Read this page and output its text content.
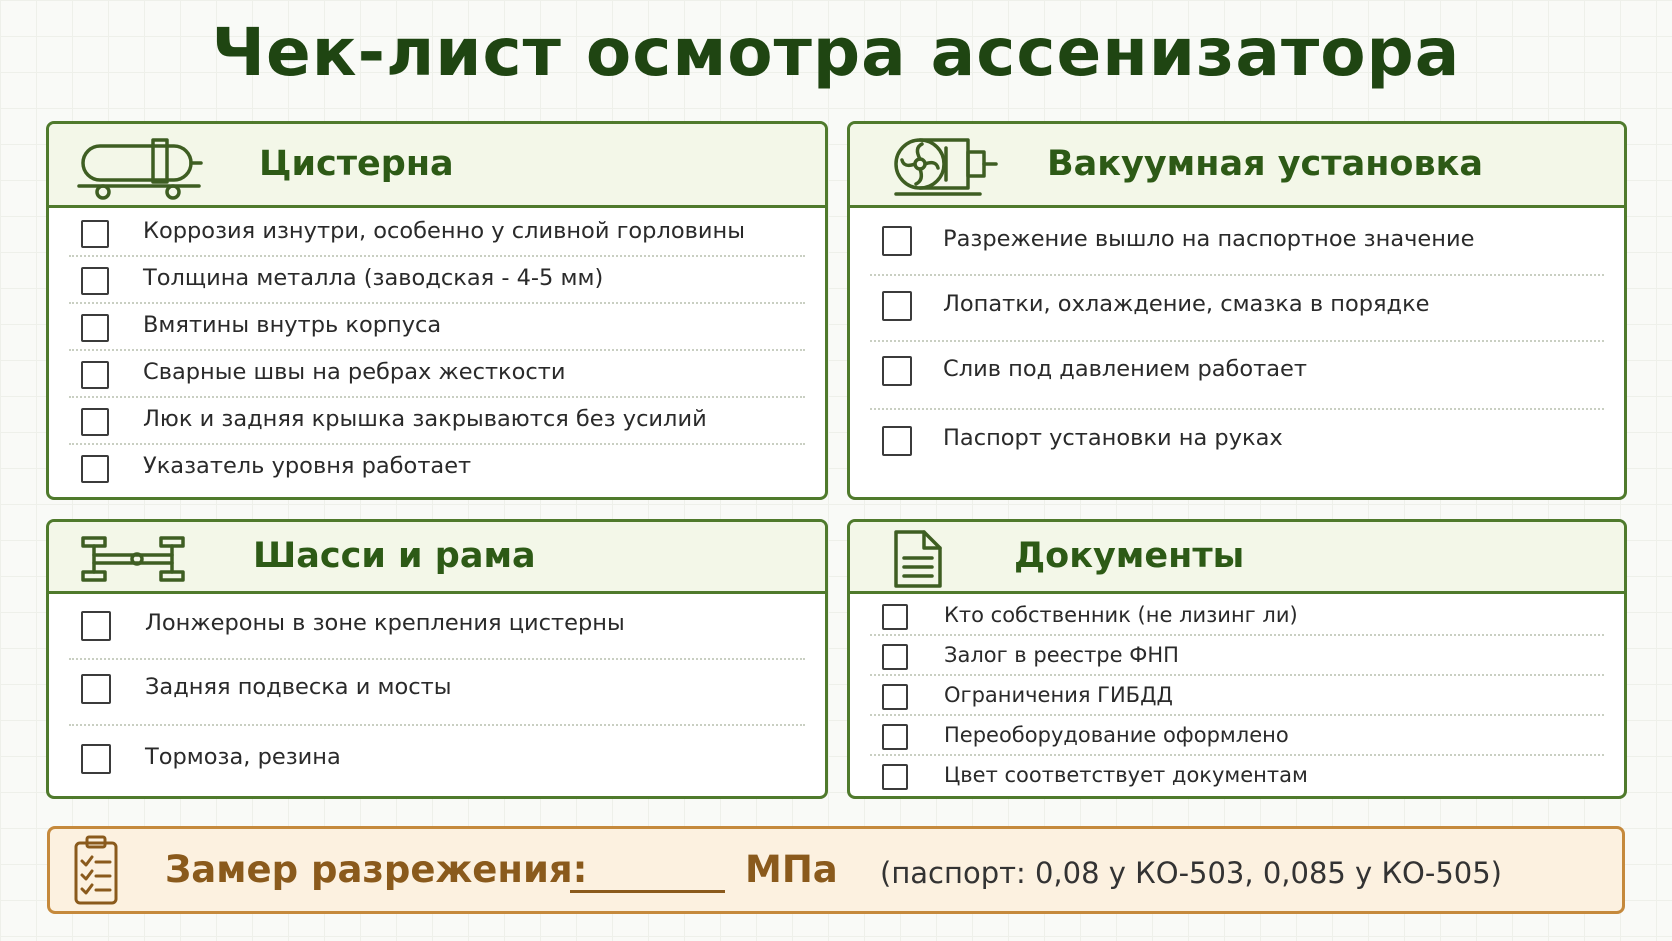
Чек-лист осмотра ассенизатора
Цистерна
Коррозия изнутри, особенно у сливной горловины
Толщина металла (заводская - 4-5 мм)
Вмятины внутрь корпуса
Сварные швы на ребрах жесткости
Люк и задняя крышка закрываются без усилий
Указатель уровня работает
Вакуумная установка
Разрежение вышло на паспортное значение
Лопатки, охлаждение, смазка в порядке
Слив под давлением работает
Паспорт установки на руках
Шасси и рама
Лонжероны в зоне крепления цистерны
Задняя подвеска и мосты
Тормоза, резина
Документы
Кто собственник (не лизинг ли)
Залог в реестре ФНП
Ограничения ГИБДД
Переоборудование оформлено
Цвет соответствует документам
Замер разрежения:	МПа (паспорт: 0,08 у КО-503, 0,085 у КО-505)
